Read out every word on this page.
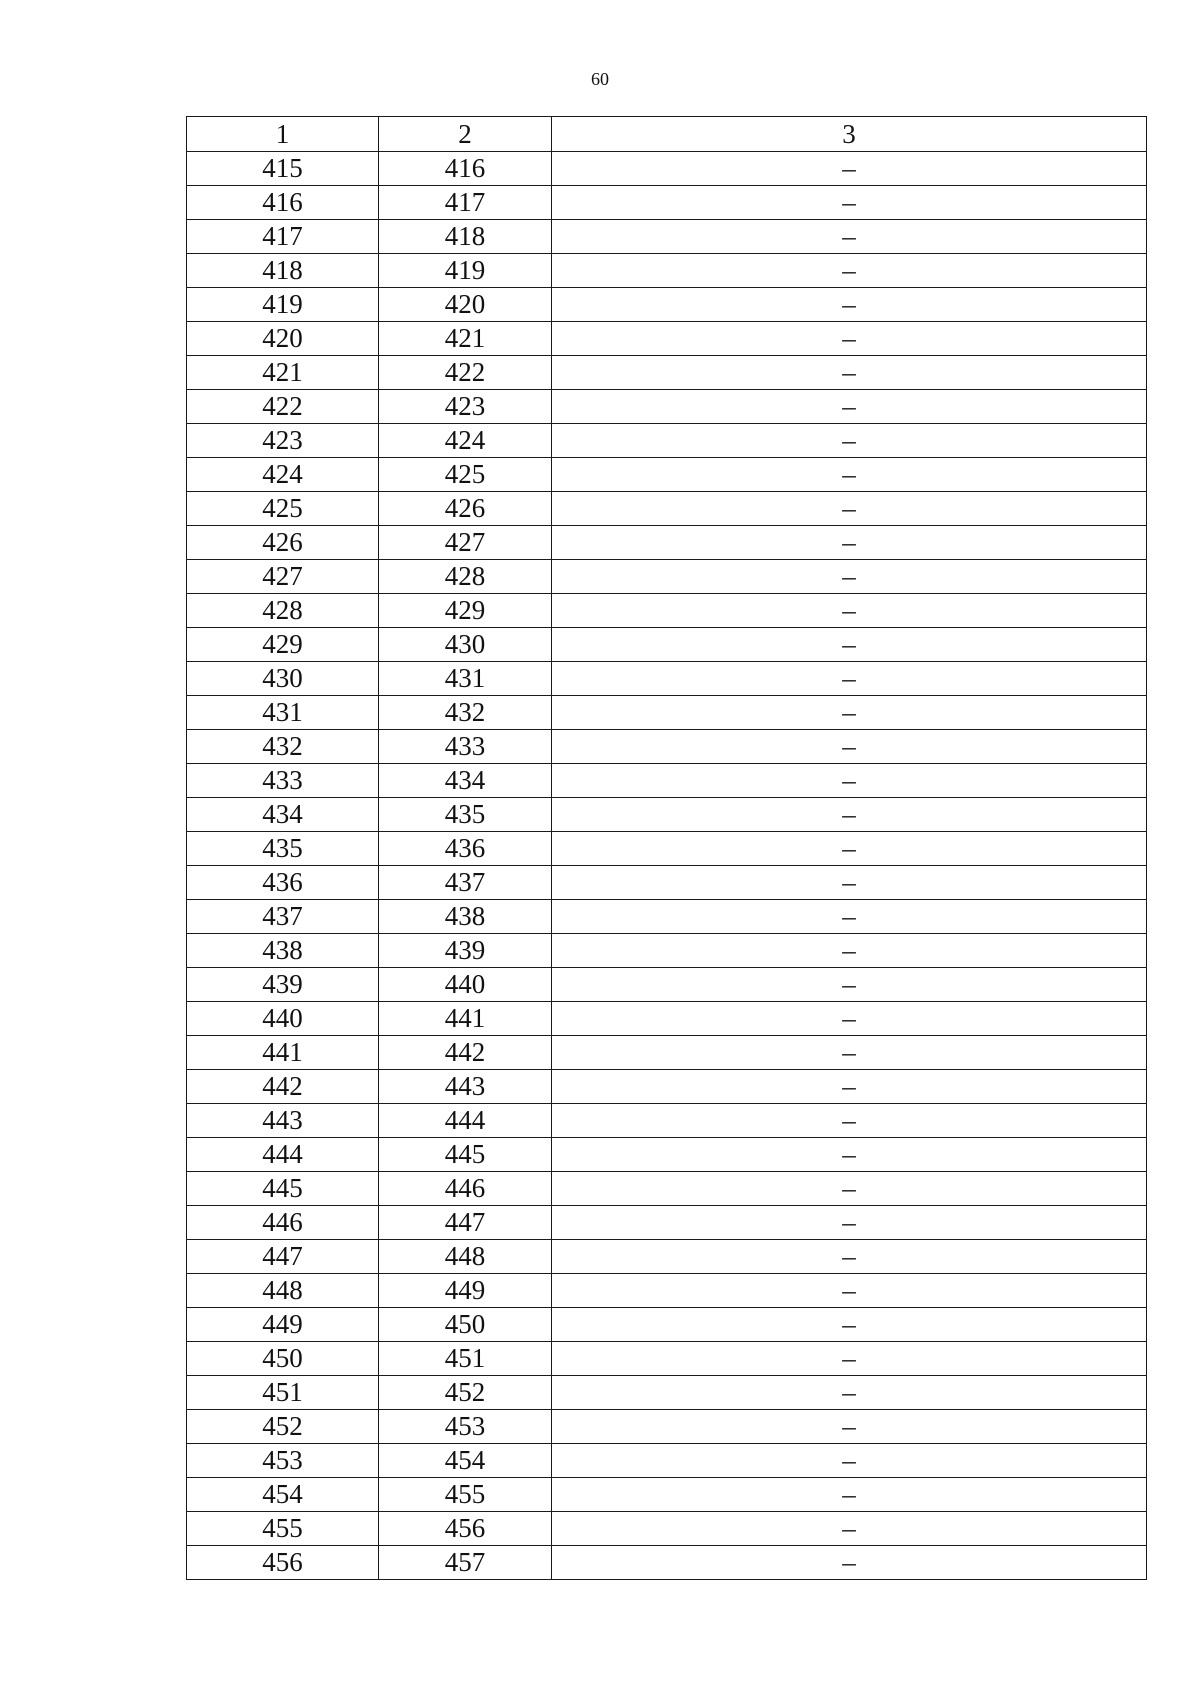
60
1	2	3
415	416	–
416	417	–
417	418	–
418	419	–
419	420	–
420	421	–
421	422	–
422	423	–
423	424	–
424	425	–
425	426	–
426	427	–
427	428	–
428	429	–
429	430	–
430	431	–
431	432	–
432	433	–
433	434	–
434	435	–
435	436	–
436	437	–
437	438	–
438	439	–
439	440	–
440	441	–
441	442	–
442	443	–
443	444	–
444	445	–
445	446	–
446	447	–
447	448	–
448	449	–
449	450	–
450	451	–
451	452	–
452	453	–
453	454	–
454	455	–
455	456	–
456	457	–
